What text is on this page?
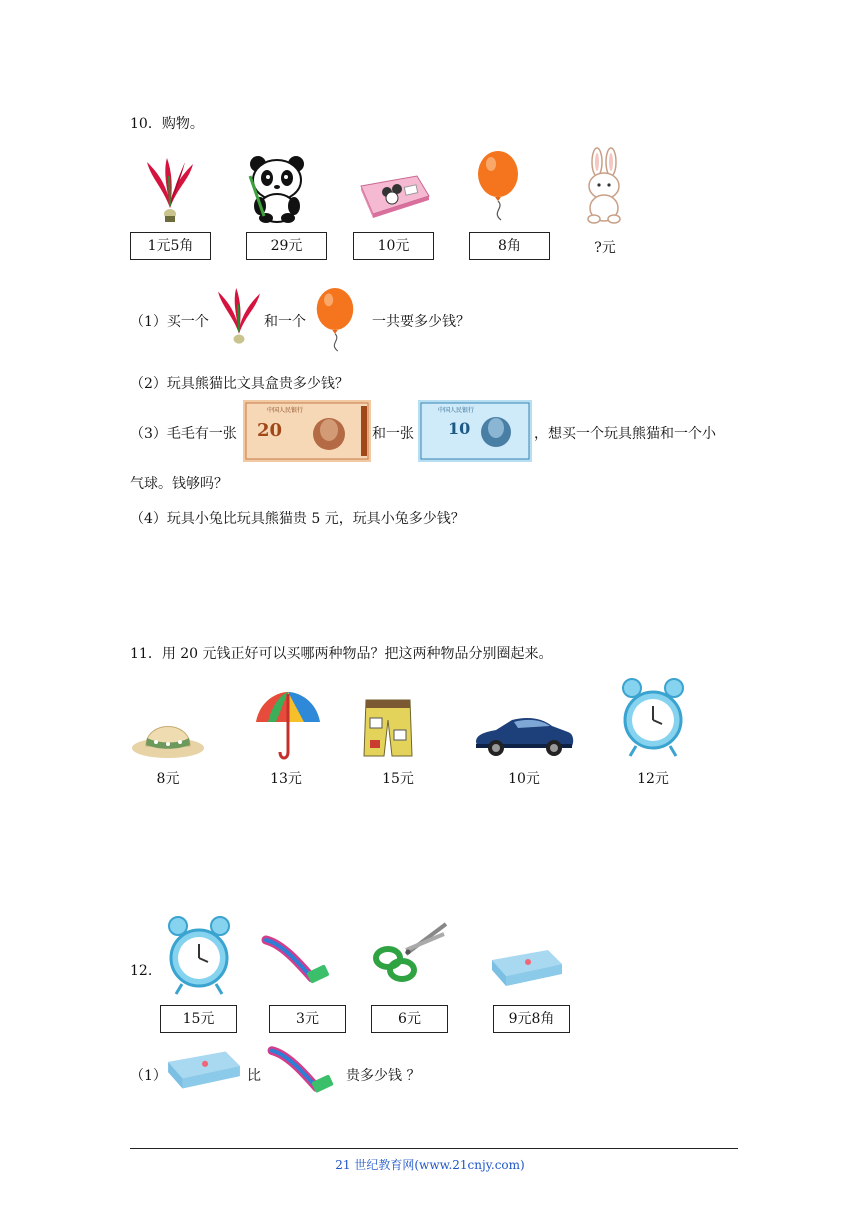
10．购物。
1元5角	29元	10元	8角	?元
（1）买一个	和一个	一共要多少钱？
（2）玩具熊猫比文具盒贵多少钱？
（3）毛毛有一张
中国人民银行
20	和一张
中国人民银行
10	，想买一个玩具熊猫和一个小
气球。钱够吗？
（4）玩具小兔比玩具熊猫贵 5 元，玩具小兔多少钱？
11．用 20 元钱正好可以买哪两种物品？把这两种物品分别圈起来。
8元	13元	15元	10元	12元
12.
15元	3元	6元	9元8角
（1）	比	贵多少钱 ？
21 世纪教育网(www.21cnjy.com)
